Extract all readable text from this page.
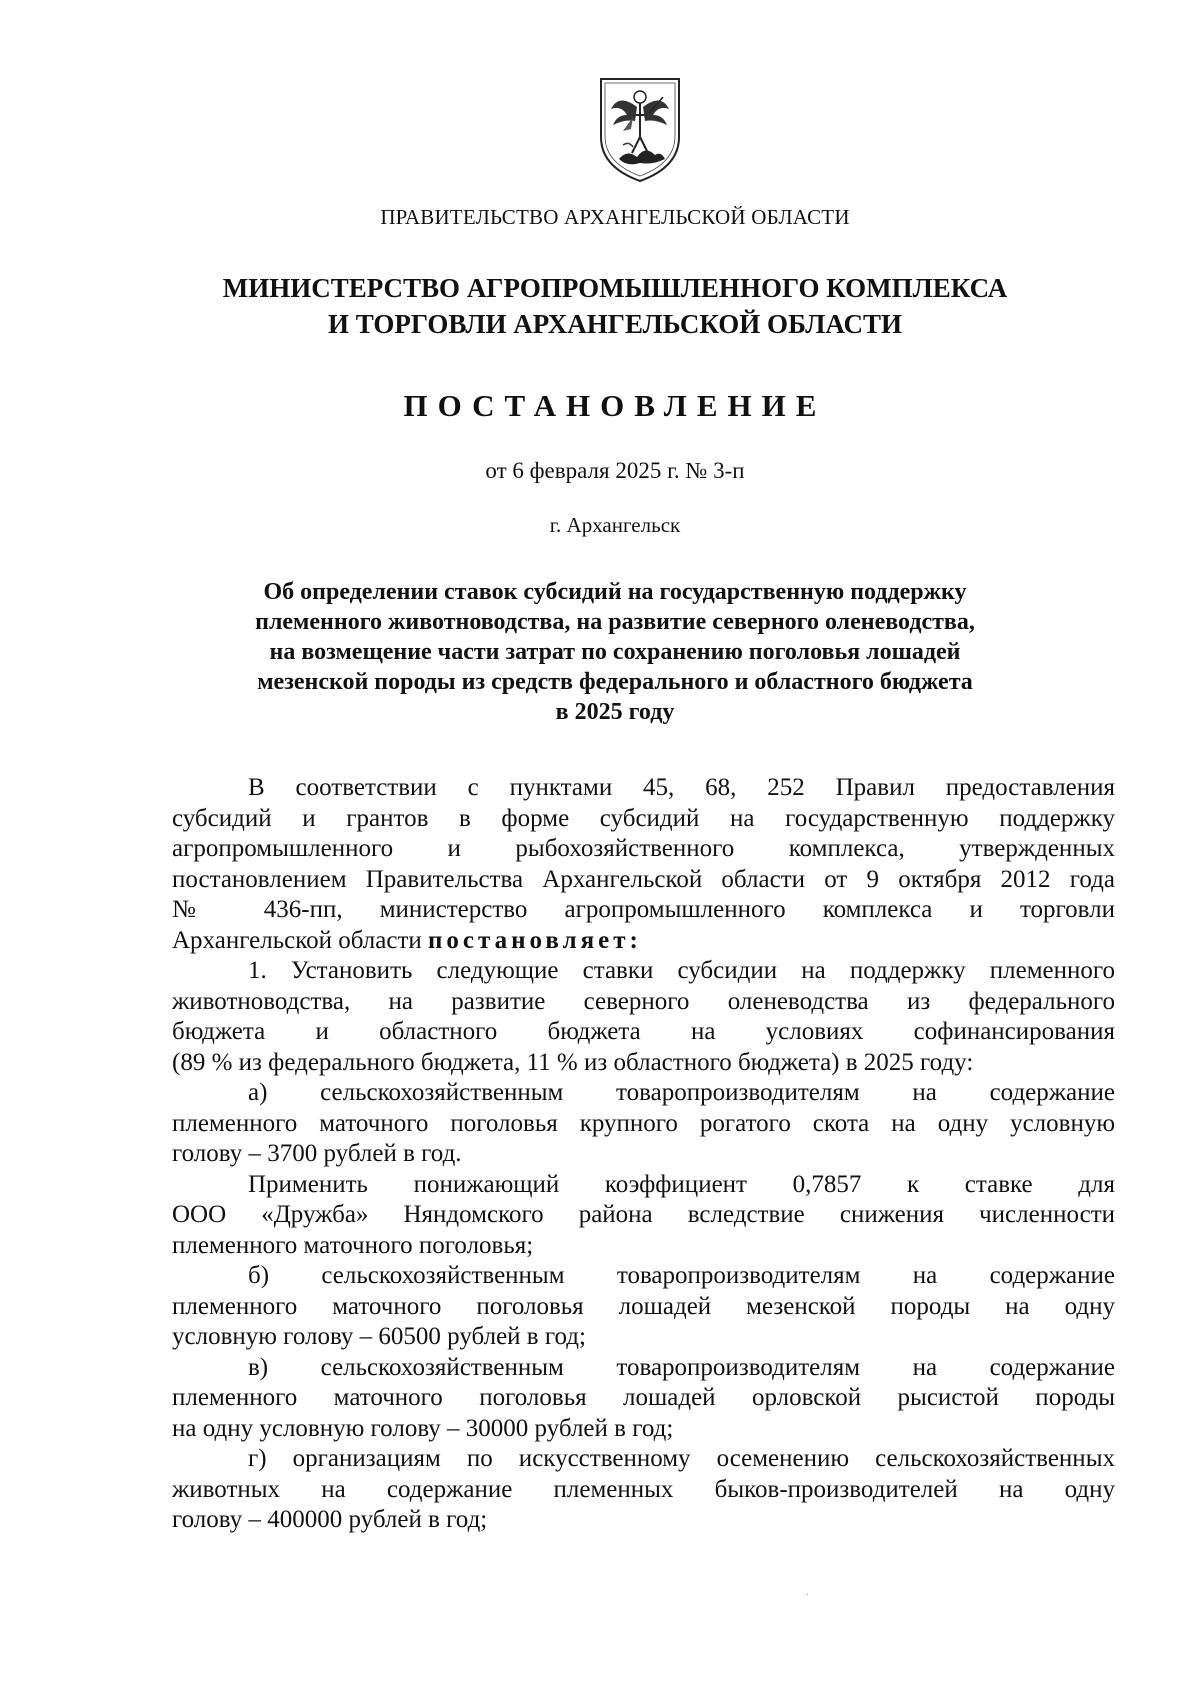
ПРАВИТЕЛЬСТВО АРХАНГЕЛЬСКОЙ ОБЛАСТИ
МИНИСТЕРСТВО АГРОПРОМЫШЛЕННОГО КОМПЛЕКСА
И ТОРГОВЛИ АРХАНГЕЛЬСКОЙ ОБЛАСТИ
ПОСТАНОВЛЕНИЕ
от 6 февраля 2025 г. № 3-п
г. Архангельск
Об определении ставок субсидий на государственную поддержку
племенного животноводства, на развитие северного оленеводства,
на возмещение части затрат по сохранению поголовья лошадей
мезенской породы из средств федерального и областного бюджета
в 2025 году

В соответствии с пунктами 45, 68, 252 Правил предоставления
субсидий и грантов в форме субсидий на государственную поддержку
агропромышленного и рыбохозяйственного комплекса, утвержденных
постановлением Правительства Архангельской области от 9 октября 2012 года
№ 436-пп, министерство агропромышленного комплекса и торговли
Архангельской области постановляет:

1. Установить следующие ставки субсидии на поддержку племенного
животноводства, на развитие северного оленеводства из федерального
бюджета и областного бюджета на условиях софинансирования
(89 % из федерального бюджета, 11 % из областного бюджета) в 2025 году:

а) сельскохозяйственным товаропроизводителям на содержание
племенного маточного поголовья крупного рогатого скота на одну условную
голову – 3700 рублей в год.

Применить понижающий коэффициент 0,7857 к ставке для
ООО «Дружба» Няндомского района вследствие снижения численности
племенного маточного поголовья;

б) сельскохозяйственным товаропроизводителям на содержание
племенного маточного поголовья лошадей мезенской породы на одну
условную голову – 60500 рублей в год;

в) сельскохозяйственным товаропроизводителям на содержание
племенного маточного поголовья лошадей орловской рысистой породы
на одну условную голову – 30000 рублей в год;

г) организациям по искусственному осеменению сельскохозяйственных
животных на содержание племенных быков-производителей на одну
голову – 400000 рублей в год;

·
